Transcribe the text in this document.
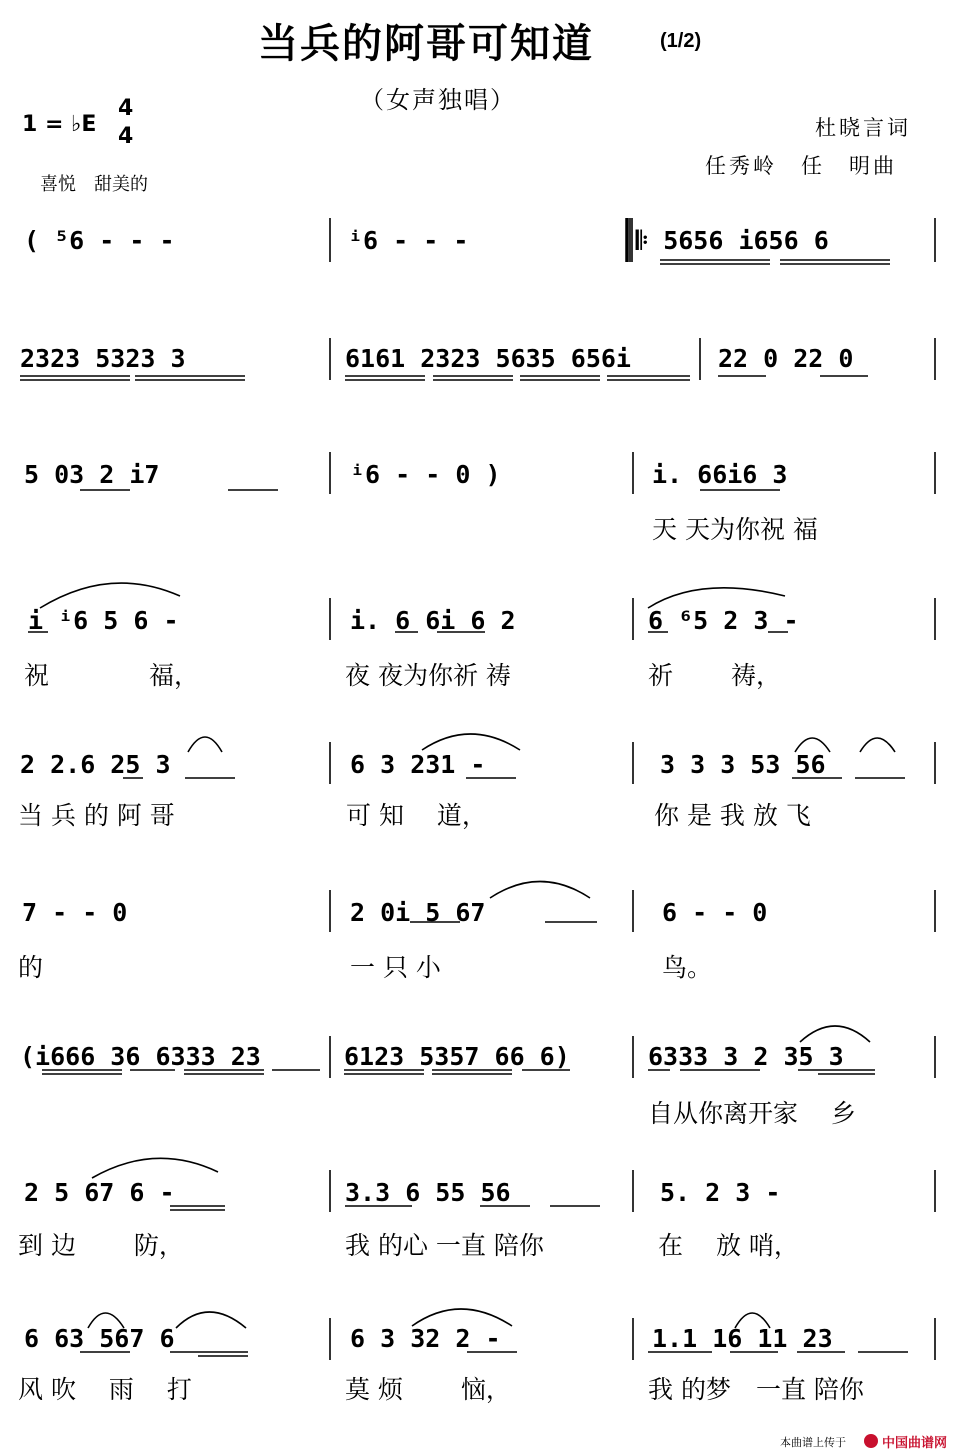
当兵的阿哥可知道	(1/2)
（女声独唱）
1 = ♭E
4
4
喜悦　甜美的
杜晓言词
任秀岭　任　明曲
( ⁵6 - - -	ⁱ6 - - -	𝄆 5656 i656 6
2323 5323 3	6161 2323 5635 656i	22 0 22 0
5 03 2 i7	ⁱ6 - - 0 )	i. 66i6 3
天 天为你祝 福
i ⁱ6 5 6 -	i. 6 6i 6 2	6 ⁶5 2 3 -
祝　　　　福，	夜 夜为你祈 祷	祈　　 祷，
2 2.6 25 3	6 3 231 -	3 3 3 53 56
当 兵 的 阿 哥	可 知　 道，	你 是 我 放 飞
7 - - 0	2 0i 5 67	6 - - 0
的	一 只 小	鸟。
(i666 36 6333 23	6123 5357 66 6)	6333 3 2 35 3
自从你离开家　 乡
2 5 67 6 -	3.3 6 55 56	5. 2 3 -
到 边　　 防，	我 的心 一直 陪你	在　 放 哨，
6 63 567 6	6 3 32 2 -	1.1 16 11 23
风 吹　 雨　 打	莫 烦　　 恼，	我 的梦　一直 陪你
本曲谱上传于	中国曲谱网
